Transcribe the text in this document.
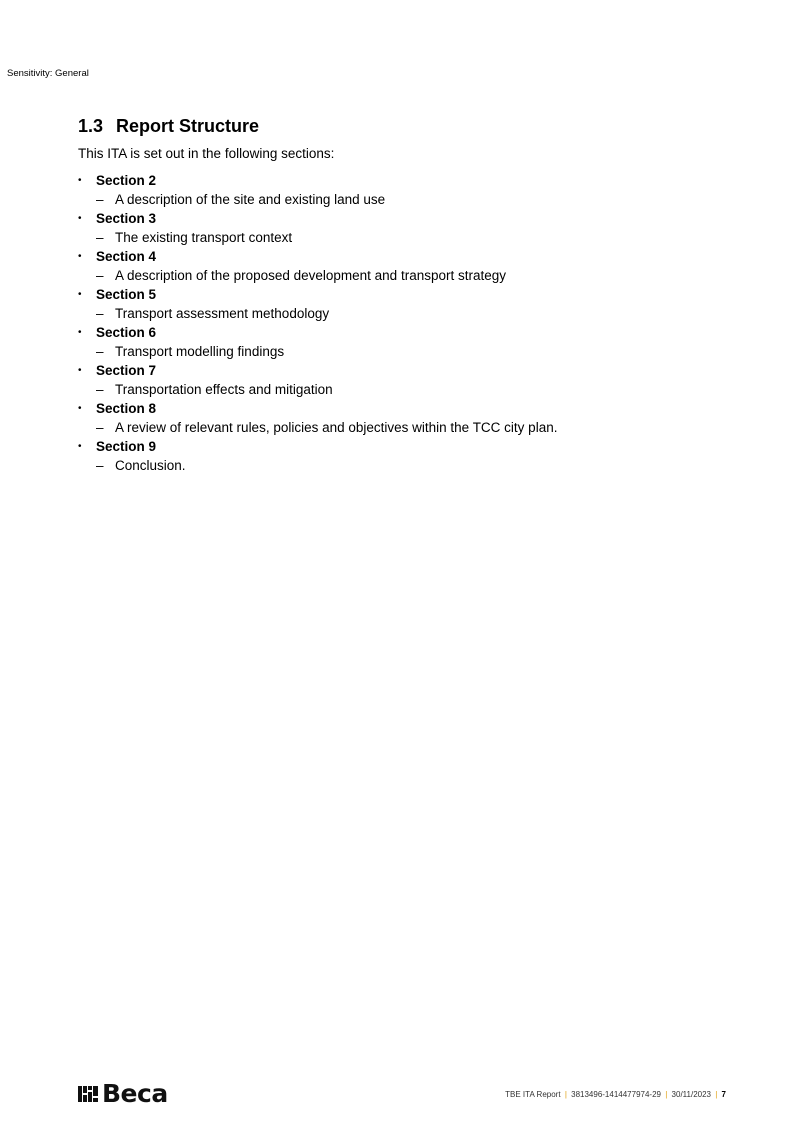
Sensitivity: General
1.3 Report Structure

This ITA is set out in the following sections:

• Section 2
– A description of the site and existing land use
• Section 3
– The existing transport context
• Section 4
– A description of the proposed development and transport strategy
• Section 5
– Transport assessment methodology
• Section 6
– Transport modelling findings
• Section 7
– Transportation effects and mitigation
• Section 8
– A review of relevant rules, policies and objectives within the TCC city plan.
• Section 9
– Conclusion.
Beca	TBE ITA Report | 3813496-1414477974-29 | 30/11/2023 | 7
